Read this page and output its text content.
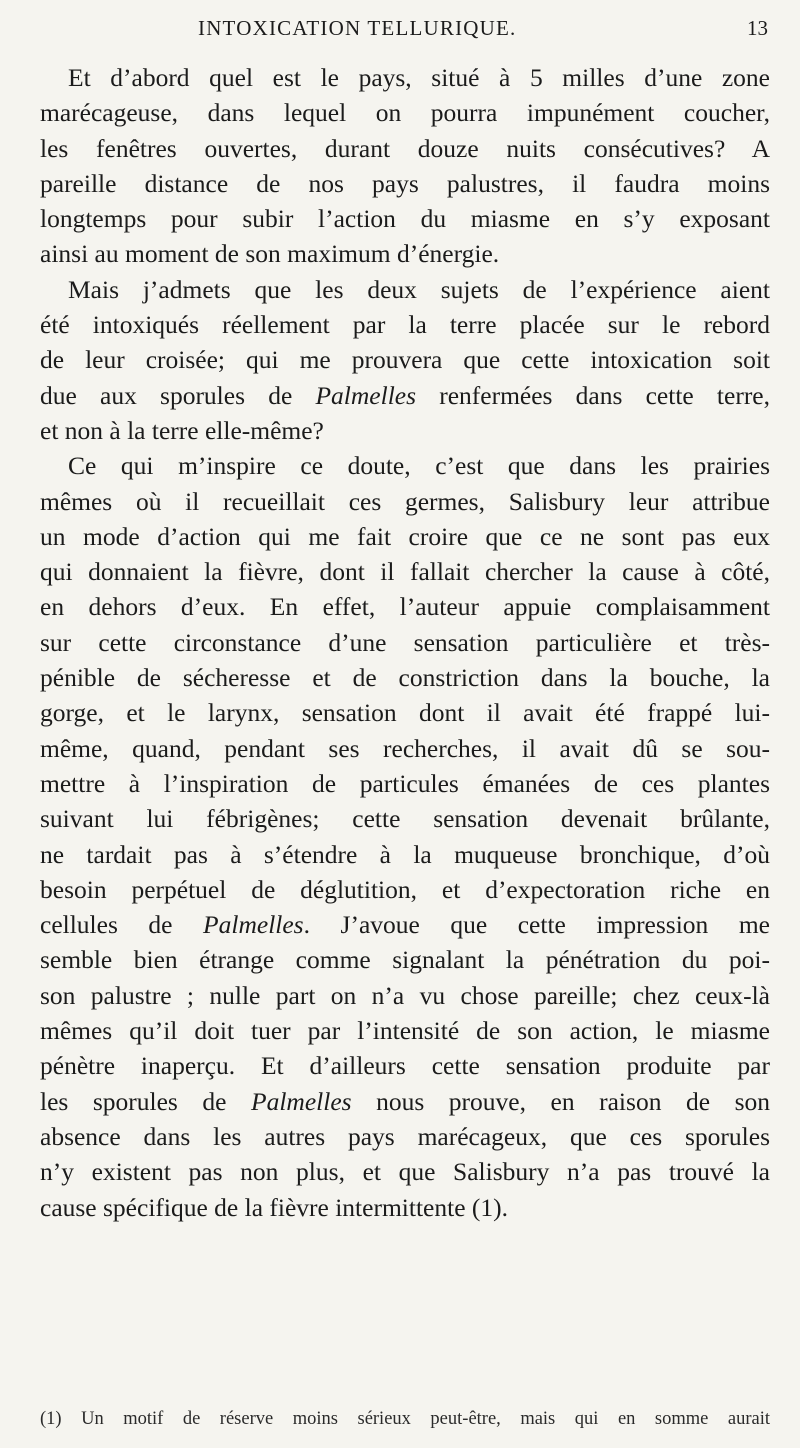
INTOXICATION TELLURIQUE.	13
Et d’abord quel est le pays, situé à 5 milles d’une zone
marécageuse, dans lequel on pourra impunément coucher,
les fenêtres ouvertes, durant douze nuits consécutives? A
pareille distance de nos pays palustres, il faudra moins
longtemps pour subir l’action du miasme en s’y exposant
ainsi au moment de son maximum d’énergie.
Mais j’admets que les deux sujets de l’expérience aient
été intoxiqués réellement par la terre placée sur le rebord
de leur croisée; qui me prouvera que cette intoxication soit
due aux sporules de Palmelles renfermées dans cette terre,
et non à la terre elle-même?
Ce qui m’inspire ce doute, c’est que dans les prairies
mêmes où il recueillait ces germes, Salisbury leur attribue
un mode d’action qui me fait croire que ce ne sont pas eux
qui donnaient la fièvre, dont il fallait chercher la cause à côté,
en dehors d’eux. En effet, l’auteur appuie complaisamment
sur cette circonstance d’une sensation particulière et très-
pénible de sécheresse et de constriction dans la bouche, la
gorge, et le larynx, sensation dont il avait été frappé lui-
même, quand, pendant ses recherches, il avait dû se sou-
mettre à l’inspiration de particules émanées de ces plantes
suivant lui fébrigènes; cette sensation devenait brûlante,
ne tardait pas à s’étendre à la muqueuse bronchique, d’où
besoin perpétuel de déglutition, et d’expectoration riche en
cellules de Palmelles. J’avoue que cette impression me
semble bien étrange comme signalant la pénétration du poi-
son palustre ; nulle part on n’a vu chose pareille; chez ceux-là
mêmes qu’il doit tuer par l’intensité de son action, le miasme
pénètre inaperçu. Et d’ailleurs cette sensation produite par
les sporules de Palmelles nous prouve, en raison de son
absence dans les autres pays marécageux, que ces sporules
n’y existent pas non plus, et que Salisbury n’a pas trouvé la
cause spécifique de la fièvre intermittente (1).
(1) Un motif de réserve moins sérieux peut-être, mais qui en somme aurait
